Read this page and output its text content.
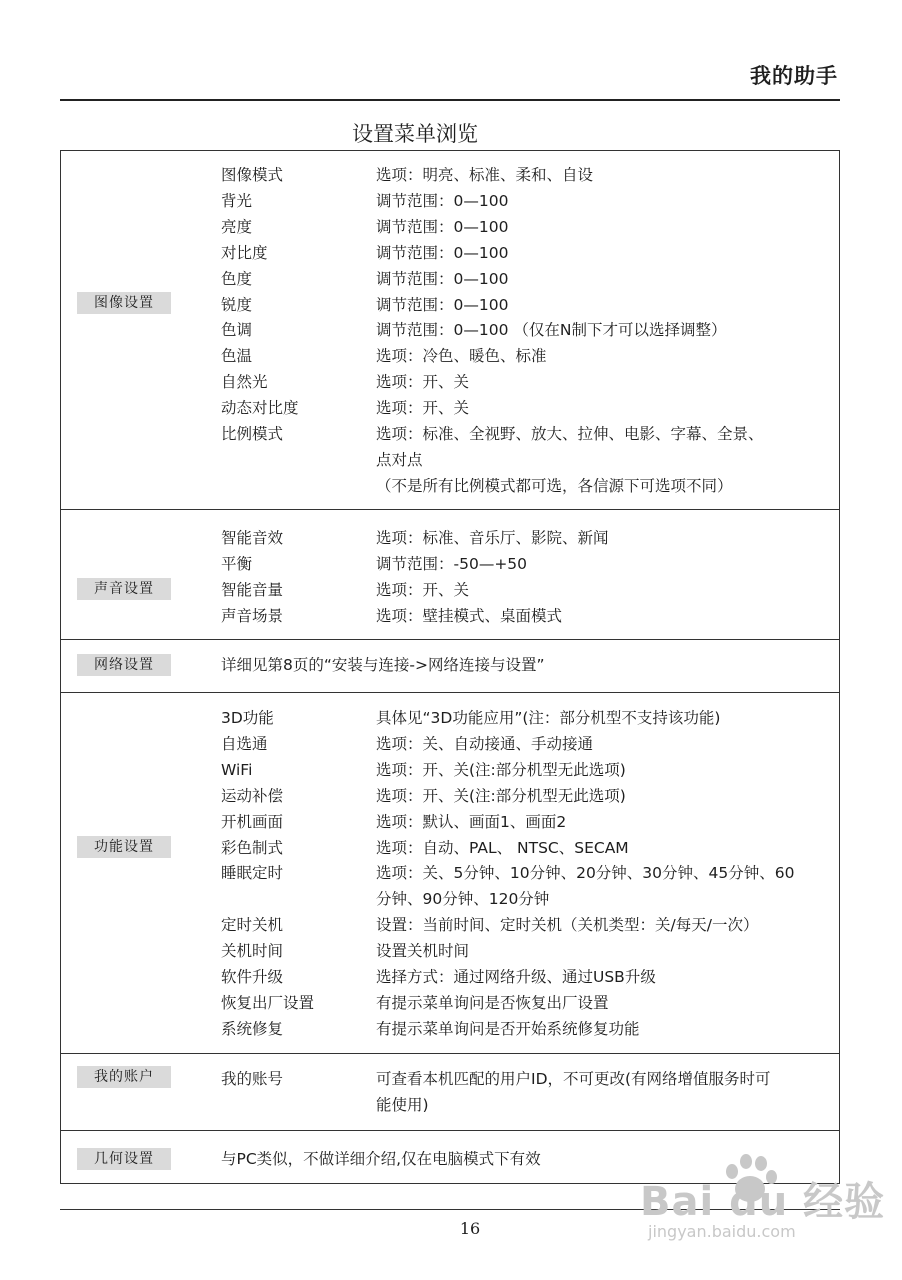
我的助手
设置菜单浏览
图像设置
图像模式	选项：明亮、标准、柔和、自设
背光	调节范围：0—100
亮度	调节范围：0—100
对比度	调节范围：0—100
色度	调节范围：0—100
锐度	调节范围：0—100
色调	调节范围：0—100 （仅在N制下才可以选择调整）
色温	选项：冷色、暖色、标准
自然光	选项：开、关
动态对比度	选项：开、关
比例模式	选项：标准、全视野、放大、拉伸、电影、字幕、全景、
点对点
（不是所有比例模式都可选，各信源下可选项不同）
声音设置
智能音效	选项：标准、音乐厅、影院、新闻
平衡	调节范围：-50—+50
智能音量	选项：开、关
声音场景	选项：壁挂模式、桌面模式
网络设置	详细见第8页的“安装与连接->网络连接与设置”
功能设置
3D功能	具体见“3D功能应用”(注：部分机型不支持该功能)
自选通	选项：关、自动接通、手动接通
WiFi	选项：开、关(注:部分机型无此选项)
运动补偿	选项：开、关(注:部分机型无此选项)
开机画面	选项：默认、画面1、画面2
彩色制式	选项：自动、PAL、 NTSC、SECAM
睡眠定时	选项：关、5分钟、10分钟、20分钟、30分钟、45分钟、60
分钟、90分钟、120分钟
定时关机	设置：当前时间、定时关机（关机类型：关/每天/一次）
关机时间	设置关机时间
软件升级	选择方式：通过网络升级、通过USB升级
恢复出厂设置	有提示菜单询问是否恢复出厂设置
系统修复	有提示菜单询问是否开始系统修复功能
我的账户	我的账号	可查看本机匹配的用户ID，不可更改(有网络增值服务时可
能使用)
几何设置	与PC类似，不做详细介绍,仅在电脑模式下有效
16
Bai du 经验
jingyan.baidu.com
